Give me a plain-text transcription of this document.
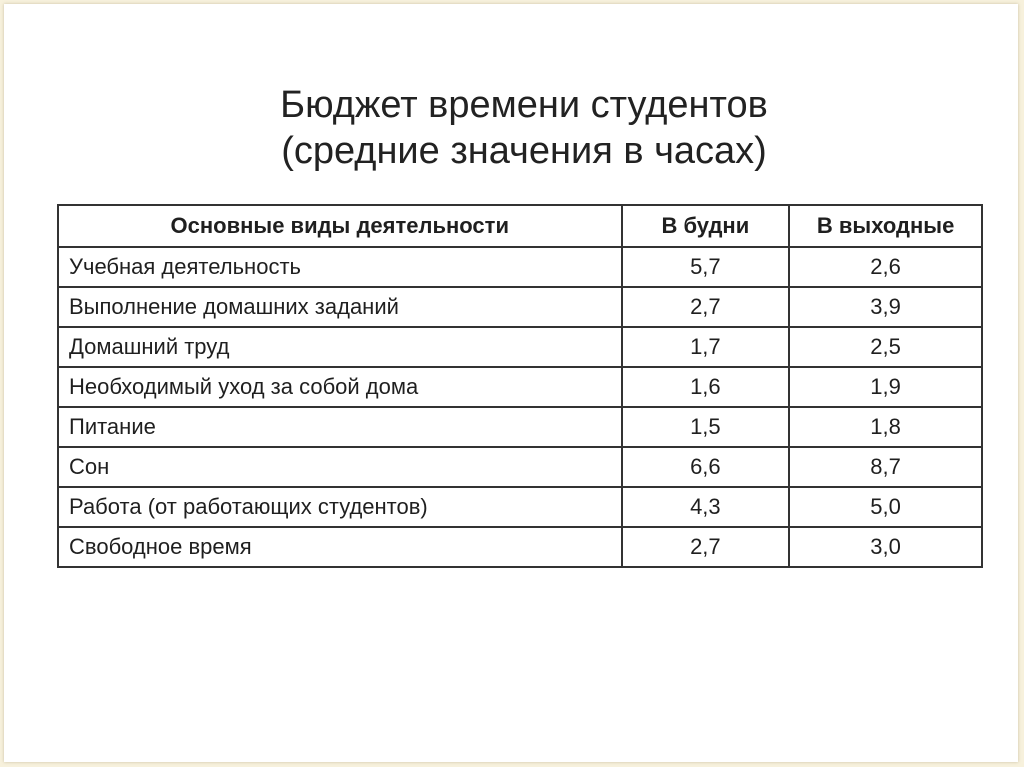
Бюджет времени студентов
(средние значения в часах)
Основные виды деятельности	В будни	В выходные
Учебная деятельность	5,7	2,6
Выполнение домашних заданий	2,7	3,9
Домашний труд	1,7	2,5
Необходимый уход за собой дома	1,6	1,9
Питание	1,5	1,8
Сон	6,6	8,7
Работа (от работающих студентов)	4,3	5,0
Свободное время	2,7	3,0
